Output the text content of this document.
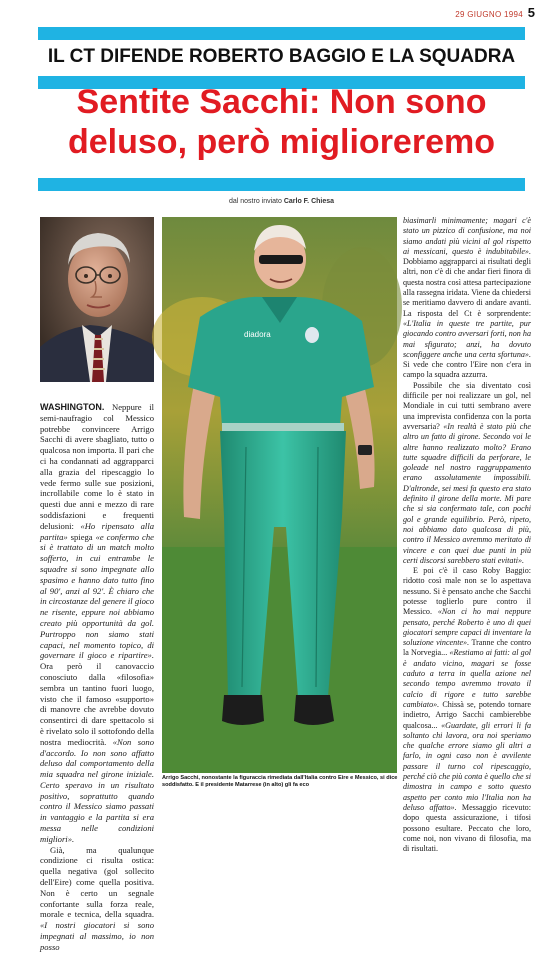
29 GIUGNO 1994 5
IL CT DIFENDE ROBERTO BAGGIO E LA SQUADRA
Sentite Sacchi: Non sono
deluso, però miglioreremo
dal nostro inviato Carlo F. Chiesa
diadora
Arrigo Sacchi, nonostante la figuraccia rimediata dall'Italia contro Eire e Messico, si dice soddisfatto. E il presidente Matarrese (in alto) gli fa eco

WASHINGTON. Neppure il semi-naufragio col Messico potrebbe convincere Arrigo Sacchi di avere sbagliato, tutto o qualcosa non importa. Il pari che ci ha condannati ad aggrapparci alla grazia del ripescaggio lo vede fermo sulle sue posizioni, incrollabile come lo è stato in questi due anni e mezzo di rare soddisfazioni e frequenti delusioni: «Ho ripensato alla partita» spiega «e confermo che si è trattato di un match molto sofferto, in cui entrambe le squadre si sono impegnate allo spasimo e hanno dato tutto fino al 90', anzi al 92'. È chiaro che in circostanze del genere il gioco ne risente, eppure noi abbiamo creato più opportunità da gol. Purtroppo non siamo stati capaci, nel momento topico, di governare il gioco e ripartire». Ora però il canovaccio conosciuto dalla «filosofia» sembra un tantino fuori luogo, visto che il famoso «supporto» di manovre che avrebbe dovuto consentirci di dare spettacolo si è rivelato solo il sottofondo della nostra mediocrità. «Non sono d'accordo. Io non sono affatto deluso dal comportamento della mia squadra nel girone iniziale. Certo speravo in un risultato positivo, soprattutto quando contro il Messico siamo passati in vantaggio e la partita si era messa nelle condizioni migliori».

Già, ma qualunque condizione ci risulta ostica: quella negativa (gol sollecito dell'Eire) come quella positiva. Non è certo un segnale confortante sulla forza reale, morale e tecnica, della squadra. «I nostri giocatori si sono impegnati al massimo, io non posso

biasimarli minimamente; magari c'è stato un pizzico di confusione, ma noi siamo andati più vicini al gol rispetto ai messicani, questo è indubitabile». Dobbiamo aggrapparci ai risultati degli altri, non c'è di che andar fieri finora di questa nostra così attesa partecipazione alla rassegna iridata. Viene da chiedersi se meritiamo davvero di andare avanti. La risposta del Ct è sorprendente: «L'Italia in queste tre partite, pur giocando contro avversari forti, non ha mai sfigurato; anzi, ha dovuto sconfiggere anche una certa sfortuna». Si vede che contro l'Eire non c'era in campo la squadra azzurra.

Possibile che sia diventato così difficile per noi realizzare un gol, nel Mondiale in cui tutti sembrano avere una imprevista confidenza con la porta avversaria? «In realtà è stato più che altro un fatto di girone. Secondo voi le altre hanno realizzato molto? Erano tutte squadre difficili da perforare, le goleade nel nostro raggruppamento erano assolutamente impossibili. D'altronde, sei mesi fa questo era stato definito il girone della morte. Mi pare che si sia confermato tale, con pochi gol e grande equilibrio. Però, ripeto, noi abbiamo dato qualcosa di più, contro il Messico avremmo meritato di vincere e con quei due punti in più certi discorsi sarebbero stati evitati».

E poi c'è il caso Roby Baggio: ridotto così male non se lo aspettava nessuno. Si è pensato anche che Sacchi potesse toglierlo pure contro il Messico. «Non ci ho mai neppure pensato, perché Roberto è uno di quei giocatori sempre capaci di inventare la soluzione vincente». Tranne che contro la Norvegia... «Restiamo ai fatti: al gol è andato vicino, magari se fosse caduto a terra in quella azione nel secondo tempo avremmo trovato il calcio di rigore e tutto sarebbe cambiato». Chissà se, potendo tornare indietro, Arrigo Sacchi cambierebbe qualcosa... «Guardate, gli errori li fa soltanto chi lavora, ora noi speriamo che qualche errore siamo gli altri a farlo, in ogni caso non è avvilente passare il turno col ripescaggio, perché ciò che più conta è quello che si dimostra in campo e sotto questo aspetto per conto mio l'Italia non ha deluso affatto». Messaggio ricevuto: dopo questa assicurazione, i tifosi possono esultare. Peccato che loro, come noi, non vivano di filosofia, ma di risultati.
